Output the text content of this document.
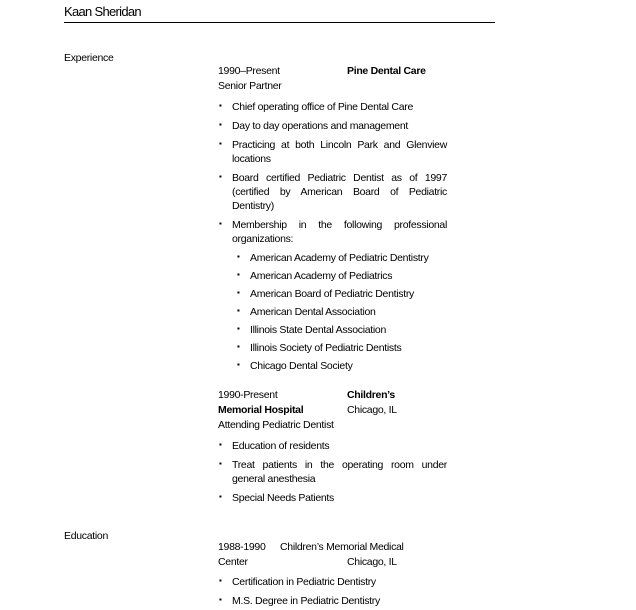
Kaan Sheridan
Experience
1990–Present	Pine Dental Care
Senior Partner
▪ Chief operating office of Pine Dental Care
▪ Day to day operations and management
▪ Practicing at both Lincoln Park and Glenview locations
▪ Board certified Pediatric Dentist as of 1997 (certified by American Board of Pediatric Dentistry)
▪ Membership in the following professional organizations:
▪ American Academy of Pediatric Dentistry
▪ American Academy of Pediatrics
▪ American Board of Pediatric Dentistry
▪ American Dental Association
▪ Illinois State Dental Association
▪ Illinois Society of Pediatric Dentists
▪ Chicago Dental Society
1990-Present	Children’s
Memorial Hospital	Chicago, IL
Attending Pediatric Dentist
▪ Education of residents
▪ Treat patients in the operating room under general anesthesia
▪ Special Needs Patients
Education
1988-1990 Children’s Memorial Medical
Center	Chicago, IL
▪ Certification in Pediatric Dentistry
▪ M.S. Degree in Pediatric Dentistry
